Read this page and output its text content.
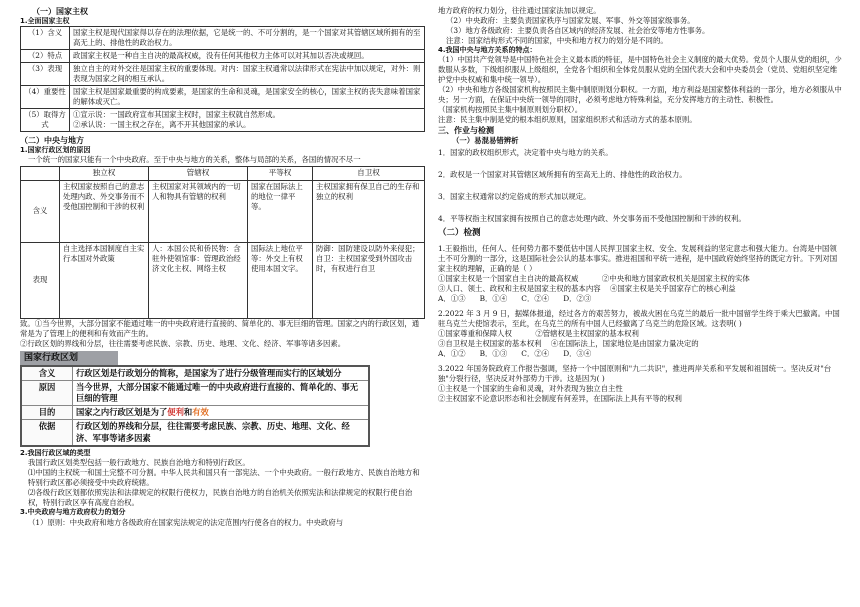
（一）国家主权
1.全面国家主权
（1）含义	国家主权是现代国家得以存在的法理依据，它是统一的、不可分割的，是一个国家对其管辖区域所拥有的至高无上的、排他性的政治权力。
（2）特点	政国家主权是一种自主自决的最高权威，没有任何其他权力主体可以对其加以否决或规回。
（3）表现	独立自主的对外交往是国家主权的重要体现。对内：国家主权通常以法律形式在宪法中加以规定，对外：则表现为国家之间的相互承认。
（4）重要性	国家主权是国家最重要的构成要素，是国家的生命和灵魂，是国家安全的核心，国家主权的丧失意味着国家的解体或灭亡。
（5）取得方式	①宣示说：一国政府宣布其国家主权时，国家主权就自然形成。
②承认说：一国主权之存在，离不开其他国家的承认。
（二）中央与地方
1.国家行政区划的原因

一个统一的国家只能有一个中央政府。至于中央与地方的关系，整体与局部的关系，各国的情况不尽一

	独立权	管辖权	平等权	自卫权
含义	主权国家按照自己的意志处理内政、外交事务而不受他国控制和干涉的权利	主权国家对其领域内的一切人和物具有管辖的权利	国家在国际法上的地位一律平等。	主权国家拥有保卫自己的生存和独立的权利
表现	自主选择本国制度自主实行本国对外政策	人：本国公民和侨民物：含驻外使领馆事：管理政治经济文化主权、网络主权	国际法上地位平等：外交上有权使用本国文字。	防御：国防建设以防外来侵犯；自卫：主权国家受到外国攻击时，有权进行自卫

致。①当今世界，大部分国家不能通过唯一的中央政府进行直接的、简单化的、事无巨细的管理。国家之内的行政区划，通常是为了管理上的便利和有效而产生的。

②行政区划的界线和分层，往往需要考虑民族、宗教、历史、地理、文化、经济、军事等诸多因素。

国家行政区划
含义	行政区划是行政划分的简称，是国家为了进行分级管理而实行的区域划分
原因	当今世界，大部分国家不能通过唯一的中央政府进行直接的、简单化的、事无巨细的管理
目的	国家之内行政区划是为了便利和有效
依据	行政区划的界线和分层，往往需要考虑民族、宗教、历史、地理、文化、经济、军事等诸多因素
2.我国行政区域的类型

我国行政区划类型包括一般行政地方、民族自治地方和特别行政区。

⑴中国的主权统一和国土完整不可分割。中华人民共和国只有一部宪法、一个中央政府。一般行政地方、民族自治地方和特别行政区都必须接受中央政府统辖。

⑵各级行政区划都依照宪法和法律规定的权限行使权力，民族自治地方的自治机关依照宪法和法律规定的权限行使自治权，特别行政区享有高度自治权。

3.中央政府与地方政府权力的划分

（1）原则：中央政府和地方各级政府在国家宪法规定的法定范围内行使各自的权力。中央政府与

地方政府的权力划分，往往通过国家法加以规定。

（2）中央政府：主要负责国家秩序与国家发展、军事、外交等国家级事务。

（3）地方各级政府：主要负责各自区域内的经济发展、社会治安等地方性事务。

注意：国家结构形式不同的国家，中央和地方权力的划分是不同的。

4.我国中央与地方关系的特点：

（1）中国共产党领导是中国特色社会主义最本质的特征，是中国特色社会主义制度的最大优势。党员个人服从党的组织，少数服从多数，下级组织服从上级组织，全党各个组织和全体党员服从党的全国代表大会和中央委员会（党员、党组织坚定维护党中央权威和集中统一领导）。

（2）中央和地方各级国家机构按照民主集中制原则划分职权。一方面，地方利益是国家整体利益的一部分，地方必须服从中央；另一方面，在保证中央统一领导的同时，必须考虑地方特殊利益，充分发挥地方的主动性、积极性。

（国家机构按照民主集中制原则划分职权）。

注意：民主集中制是党的根本组织原则，国家组织形式和活动方式的基本原则。

三、作业与检测
（一）易混易错辨析

1．国家的政权组织形式，决定着中央与地方的关系。

2．政权是一个国家对其管辖区域所拥有的至高无上的、排他性的政治权力。

3．国家主权通常以约定俗成的形式加以规定。

4．平等权指主权国家拥有按照自己的意志处理内政、外交事务而不受他国控制和干涉的权利。

（二）检测

1.王毅指出，任何人、任何势力都不要低估中国人民捍卫国家主权、安全、发展利益的坚定意志和强大能力。台湾是中国领土不可分割的一部分，这是国际社会公认的基本事实。推进祖国和平统一进程，是中国政府始终坚持的既定方针。下列对国家主权的理解，正确的是（ ）

①国家主权是一个国家自主自决的最高权威          ②中央和地方国家政权机关是国家主权的实体

③人口、领土、政权和主权是国家主权的基本内容    ④国家主权是关乎国家存亡的核心利益

A．①③      B．①④      C．②④      D．②③

2.2022 年 3 月 9 日，据媒体报道，经过各方的艰苦努力，被战火困在乌克兰的最后一批中国留学生终于乘大巴撤离。中国驻乌克兰大使馆表示，至此，在乌克兰的所有中国人已经撤离了乌克兰的危险区域。这表明( )

①国家尊重和保障人权          ②管辖权是主权国家的基本权利

③自卫权是主权国家的基本权利    ④在国际法上，国家地位是由国家力量决定的

A．①②      B．①③      C．②④      D．③④

3.2022 年国务院政府工作报告强调，坚持一个中国原则和"九二共识"，推进两岸关系和平发展和祖国统一。坚决反对"台独"分裂行径，坚决反对外部势力干涉。这是因为( )

①主权是一个国家的生命和灵魂，对外表现为独立自主性

②主权国家不论意识形态和社会制度有何差异，在国际法上具有平等的权利
